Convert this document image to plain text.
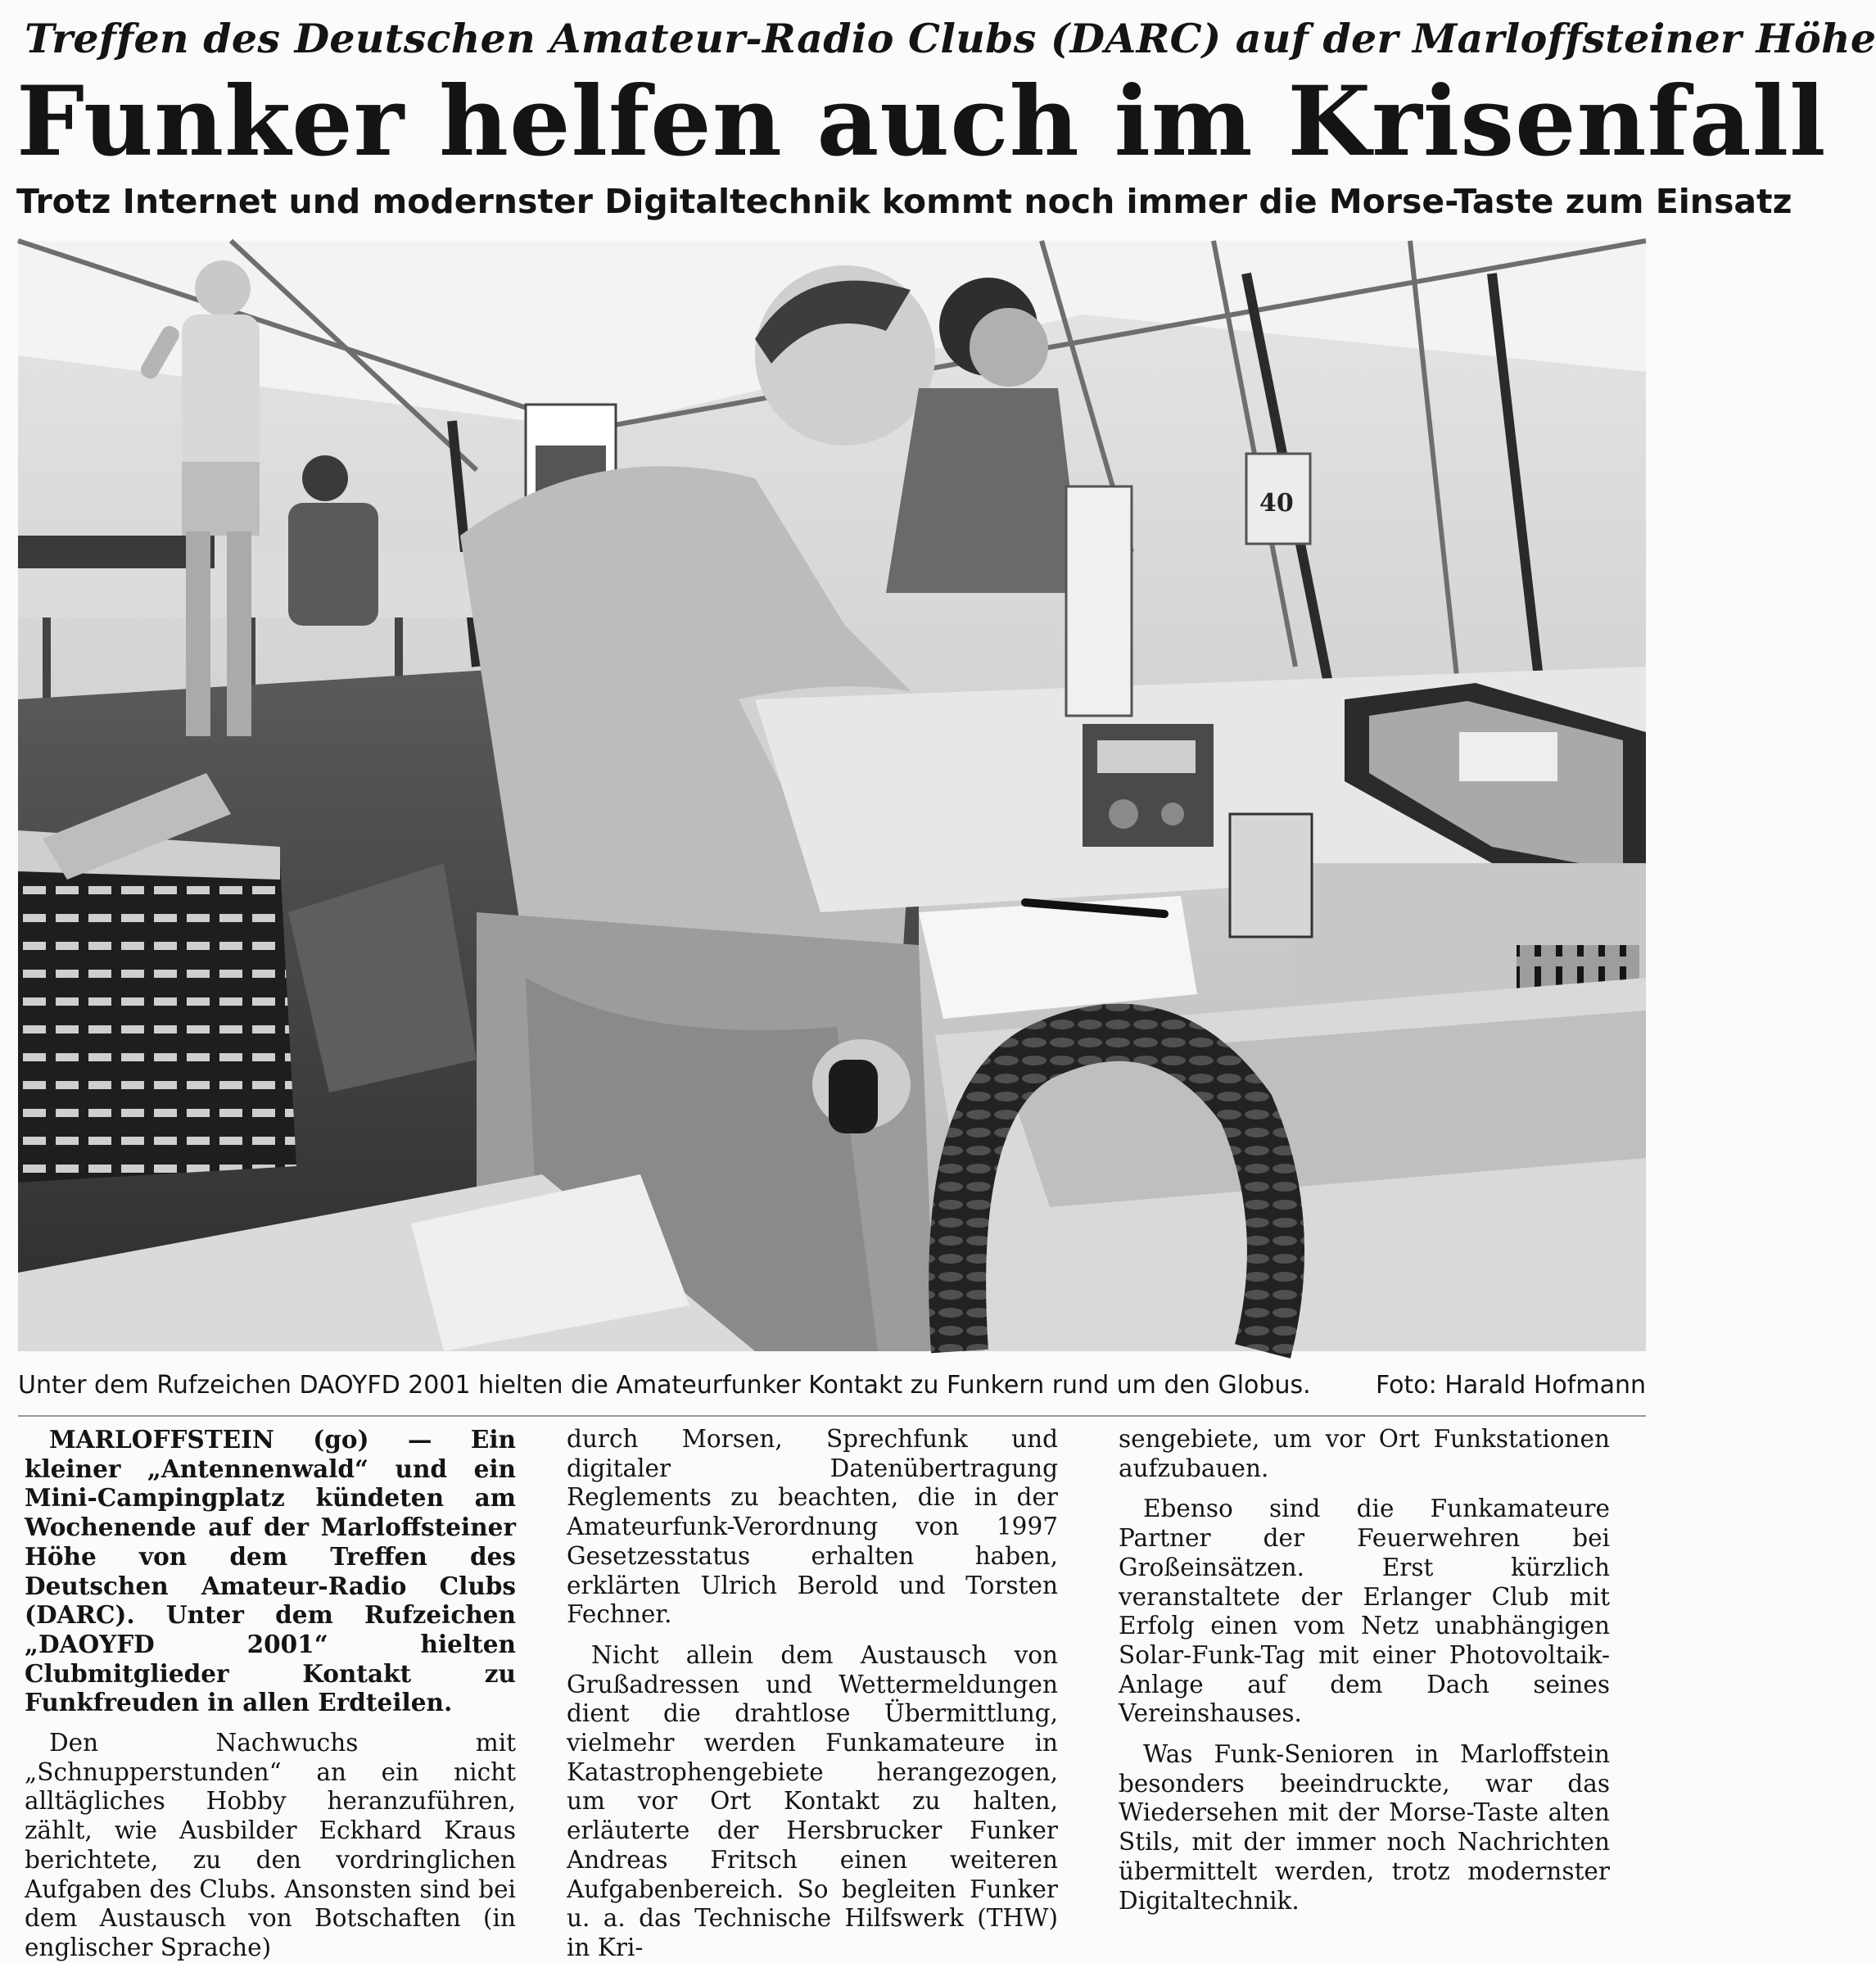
Treffen des Deutschen Amateur-Radio Clubs (DARC) auf der Marloffsteiner Höhe
Funker helfen auch im Krisenfall
Trotz Internet und modernster Digitaltechnik kommt noch immer die Morse-Taste zum Einsatz
40
Unter dem Rufzeichen DAOYFD 2001 hielten die Amateurfunker Kontakt zu Funkern rund um den Globus.	Foto: Harald Hofmann

MARLOFFSTEIN (go) — Ein kleiner „Antennenwald“ und ein Mini-Campingplatz kündeten am Wochenende auf der Marloffsteiner Höhe von dem Treffen des Deutschen Amateur-Radio Clubs (DARC). Unter dem Rufzeichen „DAOYFD 2001“ hielten Clubmitglieder Kontakt zu Funkfreuden in allen Erdteilen.

Den Nachwuchs mit „Schnupperstunden“ an ein nicht alltägliches Hobby heranzuführen, zählt, wie Ausbilder Eckhard Kraus berichtete, zu den vordringlichen Aufgaben des Clubs. Ansonsten sind bei dem Austausch von Botschaften (in englischer Sprache)

durch Morsen, Sprechfunk und digitaler Datenübertragung Reglements zu beachten, die in der Amateurfunk-Verordnung von 1997 Gesetzesstatus erhalten haben, erklärten Ulrich Berold und Torsten Fechner.

Nicht allein dem Austausch von Grußadressen und Wettermeldungen dient die drahtlose Übermittlung, vielmehr werden Funkamateure in Katastrophengebiete herangezogen, um vor Ort Kontakt zu halten, erläuterte der Hersbrucker Funker Andreas Fritsch einen weiteren Aufgabenbereich. So begleiten Funker u. a. das Technische Hilfswerk (THW) in Kri-

sengebiete, um vor Ort Funkstationen aufzubauen.

Ebenso sind die Funkamateure Partner der Feuerwehren bei Großeinsätzen. Erst kürzlich veranstaltete der Erlanger Club mit Erfolg einen vom Netz unabhängigen Solar-Funk-Tag mit einer Photovoltaik-Anlage auf dem Dach seines Vereinshauses.

Was Funk-Senioren in Marloffstein besonders beeindruckte, war das Wiedersehen mit der Morse-Taste alten Stils, mit der immer noch Nachrichten übermittelt werden, trotz modernster Digitaltechnik.
